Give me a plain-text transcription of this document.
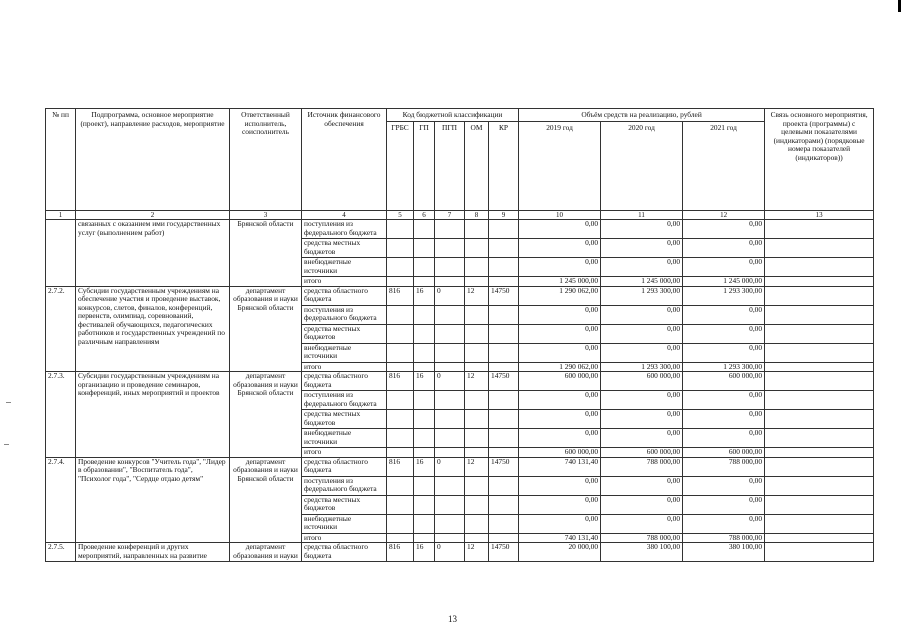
№ пп	Подпрограмма, основное мероприятие (проект), направление расходов, мероприятие	Ответственный исполнитель, соисполнитель	Источник финансового обеспечения	Код бюджетной классификации					Объём средств на реализацию, рублей			Связь основного мероприятия, проекта (программы) с целевыми показателями (индикаторами) (порядковые номера показателей (индикаторов))
				ГРБС	ГП	ПГП	ОМ	КР	2019 год	2020 год	2021 год	
1	2	3	4	5	6	7	8	9	10	11	12	13
	связанных с оказанием ими государственных услуг (выполнением работ)	Брянской области	поступления из федерального бюджета						0,00	0,00	0,00	
			средства местных бюджетов						0,00	0,00	0,00	
			внебюджетные источники						0,00	0,00	0,00	
			итого						1 245 000,00	1 245 000,00	1 245 000,00	
2.7.2.	Субсидии государственным учреждениям на обеспечение участия и проведение выставок, конкурсов, слетов, финалов, конференций, первенств, олимпиад, соревнований, фестивалей обучающихся, педагогических работников и государственных учреждений по различным направлениям	департамент образования и науки Брянской области	средства областного бюджета	816	16	0	12	14750	1 290 062,00	1 293 300,00	1 293 300,00	
			поступления из федерального бюджета						0,00	0,00	0,00	
			средства местных бюджетов						0,00	0,00	0,00	
			внебюджетные источники						0,00	0,00	0,00	
			итого						1 290 062,00	1 293 300,00	1 293 300,00	
2.7.3.	Субсидии государственным учреждениям на организацию и проведение семинаров, конференций, иных мероприятий и проектов	департамент образования и науки Брянской области	средства областного бюджета	816	16	0	12	14750	600 000,00	600 000,00	600 000,00	
			поступления из федерального бюджета						0,00	0,00	0,00	
			средства местных бюджетов						0,00	0,00	0,00	
			внебюджетные источники						0,00	0,00	0,00	
			итого						600 000,00	600 000,00	600 000,00	
2.7.4.	Проведение конкурсов "Учитель года", "Лидер в образовании", "Воспитатель года", "Психолог года", "Сердце отдаю детям"	департамент образования и науки Брянской области	средства областного бюджета	816	16	0	12	14750	740 131,40	788 000,00	788 000,00	
			поступления из федерального бюджета						0,00	0,00	0,00	
			средства местных бюджетов						0,00	0,00	0,00	
			внебюджетные источники						0,00	0,00	0,00	
			итого						740 131,40	788 000,00	788 000,00	
2.7.5.	Проведение конференций и других мероприятий, направленных на развитие	департамент образования и науки	средства областного бюджета	816	16	0	12	14750	20 000,00	380 100,00	380 100,00	
13
